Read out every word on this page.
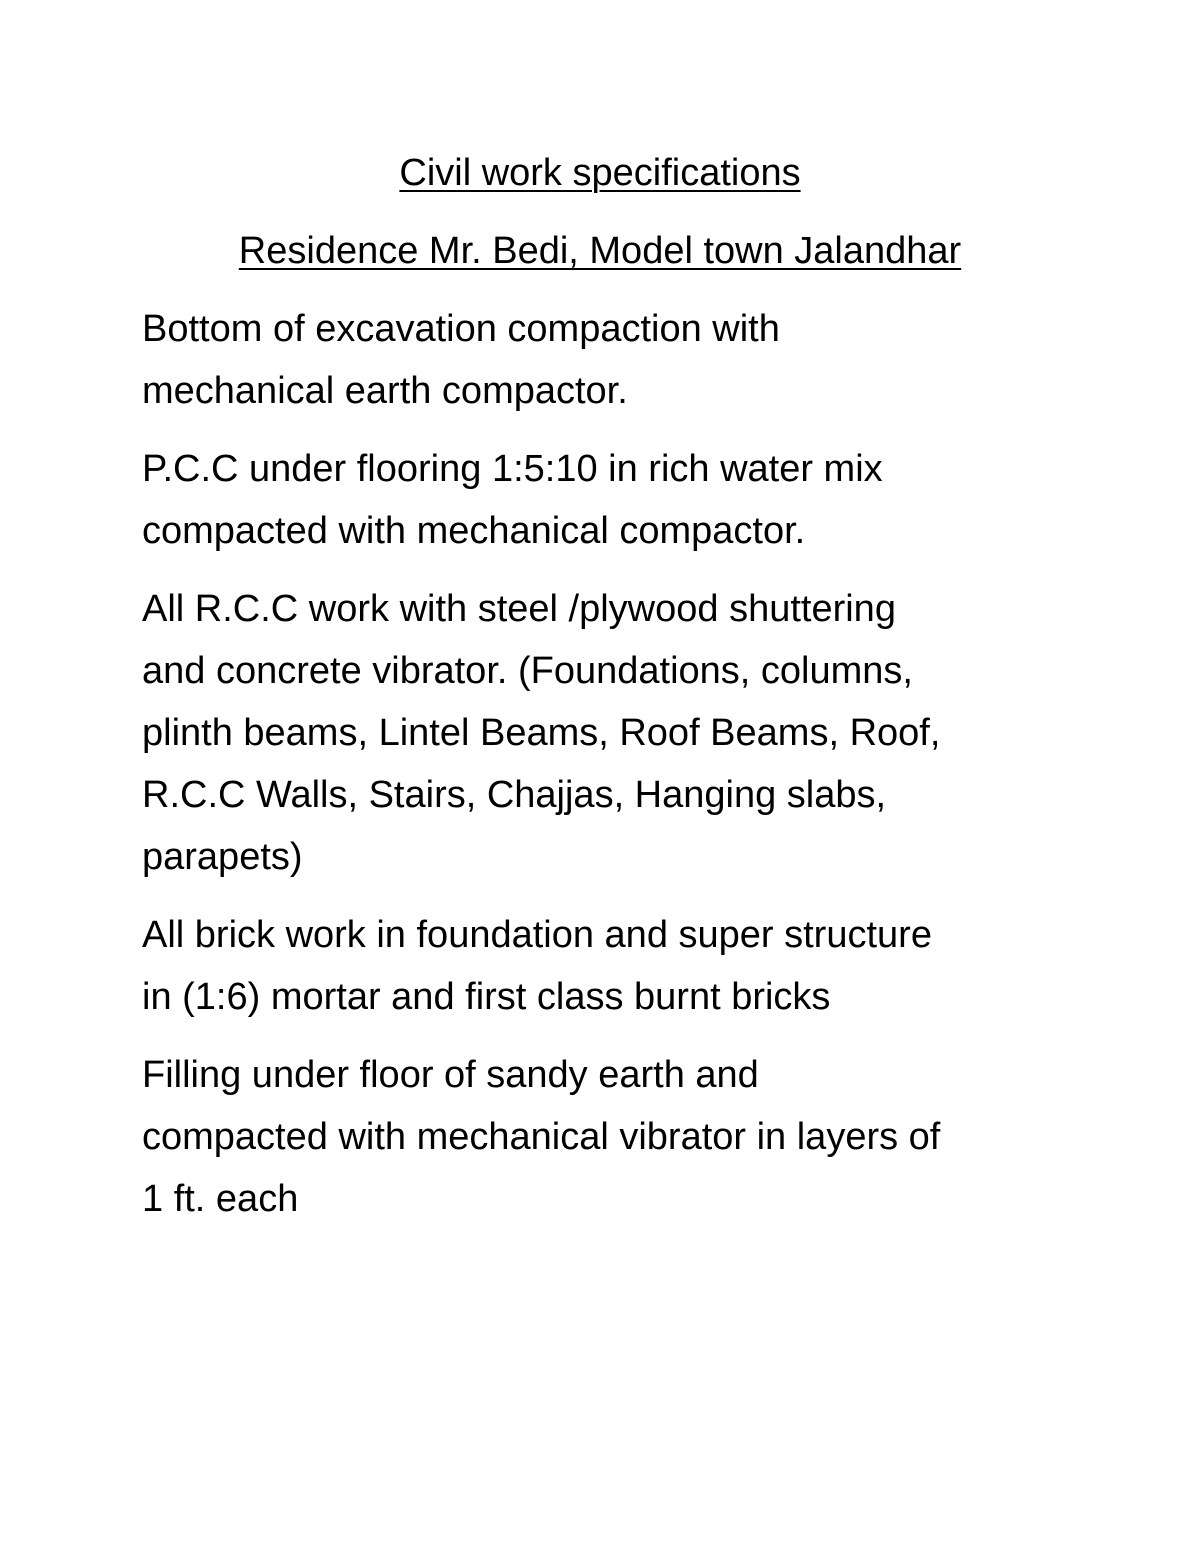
Civil work specifications
Residence Mr. Bedi, Model town Jalandhar

Bottom of excavation compaction with
mechanical earth compactor.

P.C.C under flooring 1:5:10 in rich water mix
compacted with mechanical compactor.

All R.C.C work with steel /plywood shuttering
and concrete vibrator. (Foundations, columns,
plinth beams, Lintel Beams, Roof Beams, Roof,
R.C.C Walls, Stairs, Chajjas, Hanging slabs,
parapets)

All brick work in foundation and super structure
in (1:6) mortar and first class burnt bricks

Filling under floor of sandy earth and
compacted with mechanical vibrator in layers of
1 ft. each
